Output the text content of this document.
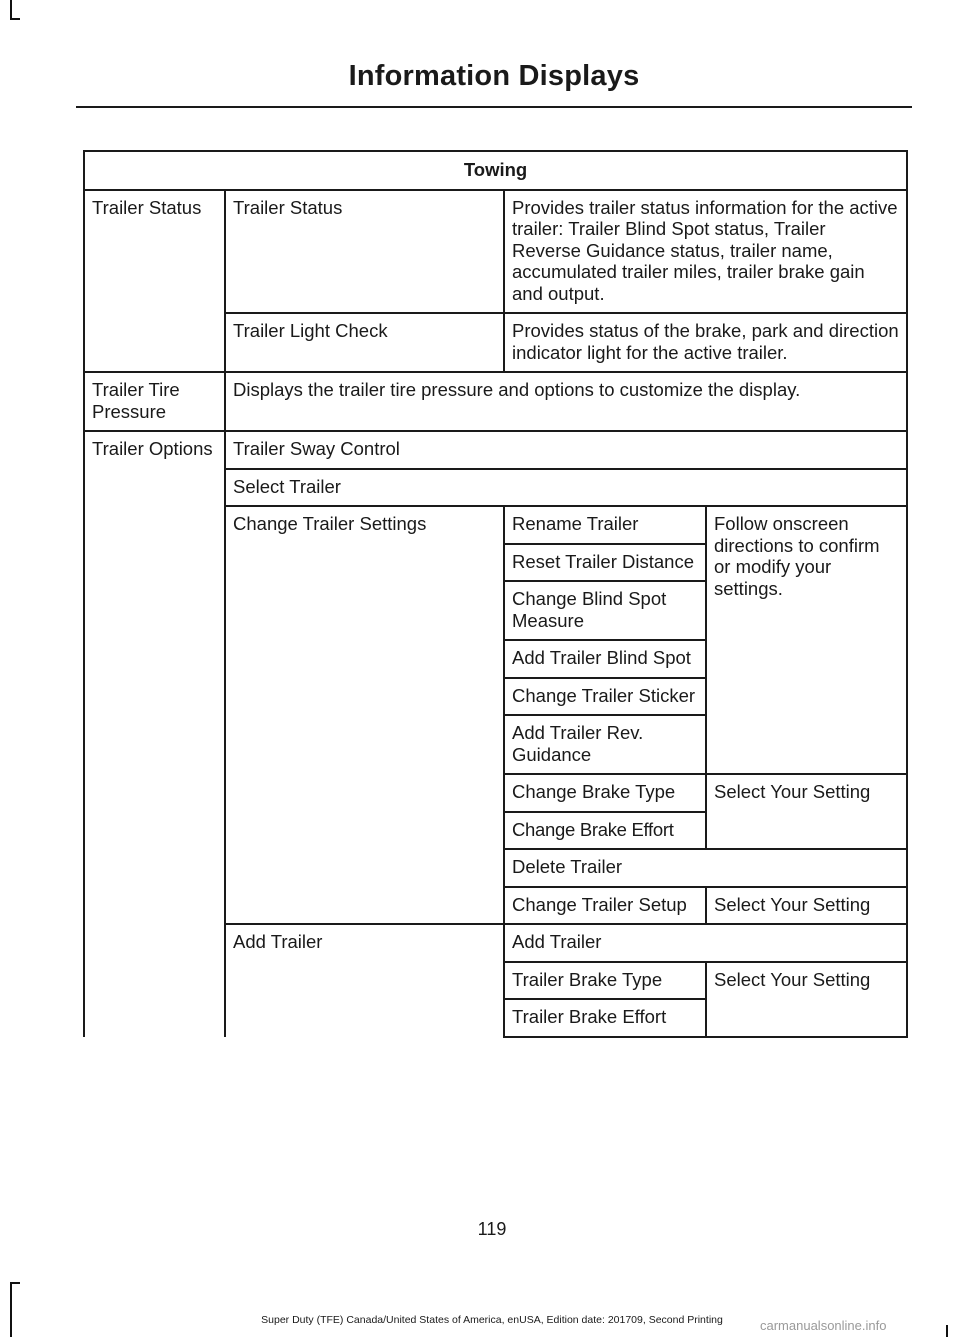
Information Displays
Towing			
Trailer Status	Trailer Status	Provides trailer status information for the active trailer: Trailer Blind Spot status, Trailer Reverse Guidance status, trailer name, accumulated trailer miles, trailer brake gain and output.	
	Trailer Light Check	Provides status of the brake, park and direction indicator light for the active trailer.	
Trailer Tire Pressure	Displays the trailer tire pressure and options to customize the display.		
Trailer Options	Trailer Sway Control		
	Select Trailer		
	Change Trailer Settings	Rename Trailer	Follow onscreen directions to confirm or modify your settings.
		Reset Trailer Distance	
		Change Blind Spot Measure	
		Add Trailer Blind Spot	
		Change Trailer Sticker	
		Add Trailer Rev. Guidance	
		Change Brake Type	Select Your Setting
		Change Brake Effort	
		Delete Trailer	
		Change Trailer Setup	Select Your Setting
	Add Trailer	Add Trailer	
		Trailer Brake Type	Select Your Setting
		Trailer Brake Effort	
119
Super Duty (TFE) Canada/United States of America, enUSA, Edition date: 201709, Second Printing	carmanualsonline.info
